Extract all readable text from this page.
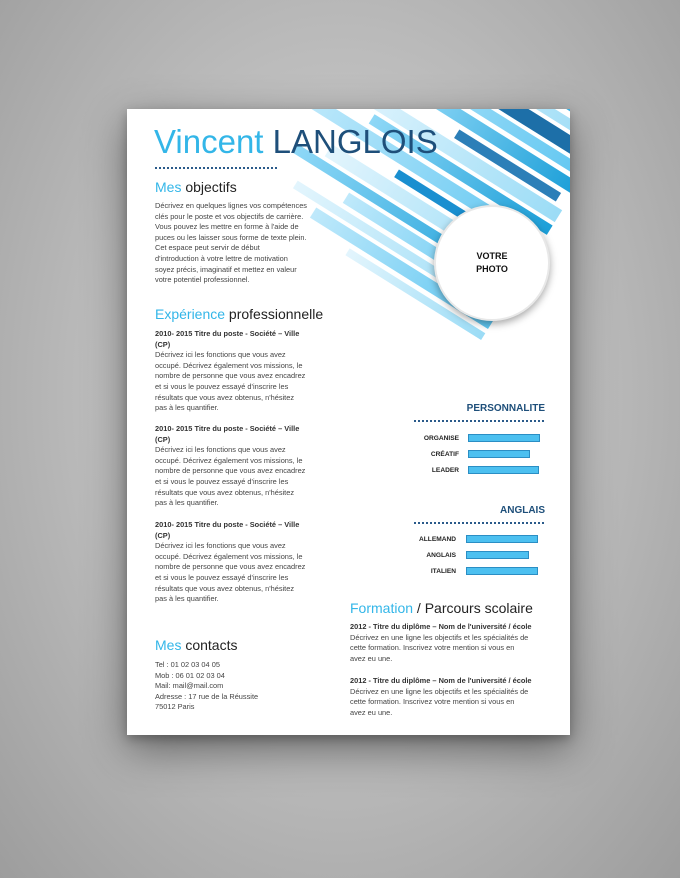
Vincent LANGLOIS
VOTRE
PHOTO
Mes objectifs
Décrivez en quelques lignes vos compétences
clés pour le poste et vos objectifs de carrière.
Vous pouvez les mettre en forme à l'aide de
puces ou les laisser sous forme de texte plein.
Cet espace peut servir de début
d'introduction à votre lettre de motivation
soyez précis, imaginatif et mettez en valeur
votre potentiel professionnel.
Expérience professionnelle
2010- 2015 Titre du poste - Société – Ville
(CP)
Décrivez ici les fonctions que vous avez
occupé. Décrivez également vos missions, le
nombre de personne que vous avez encadrez
et si vous le pouvez essayé d'inscrire les
résultats que vous avez obtenus, n'hésitez
pas à les quantifier.
2010- 2015 Titre du poste - Société – Ville
(CP)
Décrivez ici les fonctions que vous avez
occupé. Décrivez également vos missions, le
nombre de personne que vous avez encadrez
et si vous le pouvez essayé d'inscrire les
résultats que vous avez obtenus, n'hésitez
pas à les quantifier.
2010- 2015 Titre du poste - Société – Ville
(CP)
Décrivez ici les fonctions que vous avez
occupé. Décrivez également vos missions, le
nombre de personne que vous avez encadrez
et si vous le pouvez essayé d'inscrire les
résultats que vous avez obtenus, n'hésitez
pas à les quantifier.
Mes contacts
Tel : 01 02 03 04 05
Mob : 06 01 02 03 04
Mail: mail@mail.com
Adresse : 17 rue de la Réussite
75012 Paris
PERSONNALITE
ORGANISE
CRÉATIF
LEADER
ANGLAIS
ALLEMAND
ANGLAIS
ITALIEN
Formation / Parcours scolaire
2012 - Titre du diplôme – Nom de l'université / école
Décrivez en une ligne les objectifs et les spécialités de
cette formation. Inscrivez votre mention si vous en
avez eu une.
2012 - Titre du diplôme – Nom de l'université / école
Décrivez en une ligne les objectifs et les spécialités de
cette formation. Inscrivez votre mention si vous en
avez eu une.
